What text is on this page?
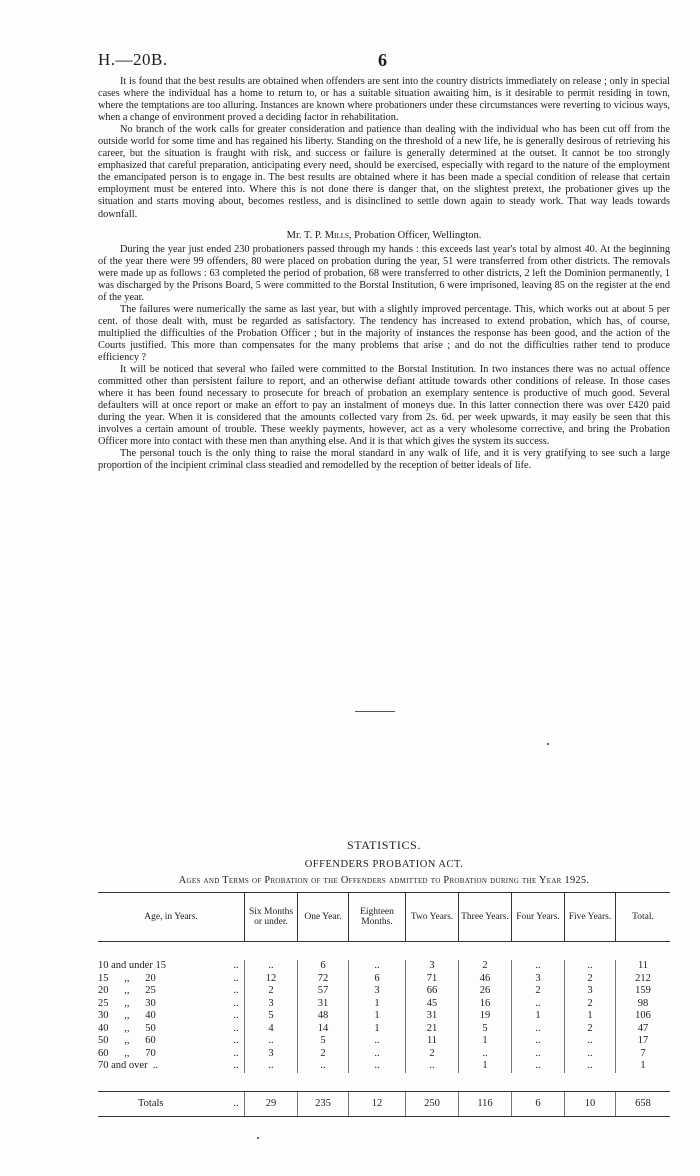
H.—20B.	6

It is found that the best results are obtained when offenders are sent into the country districts immediately on release ; only in special cases where the individual has a home to return to, or has a suitable situation awaiting him, is it desirable to permit residing in town, where the temptations are too alluring. Instances are known where probationers under these circumstances were reverting to vicious ways, when a change of environment proved a deciding factor in rehabilitation.

No branch of the work calls for greater consideration and patience than dealing with the individual who has been cut off from the outside world for some time and has regained his liberty. Standing on the threshold of a new life, he is generally desirous of retrieving his career, but the situation is fraught with risk, and success or failure is generally determined at the outset. It cannot be too strongly emphasized that careful preparation, anticipating every need, should be exercised, especially with regard to the nature of the employment the emancipated person is to engage in. The best results are obtained where it has been made a special condition of release that certain employment must be entered into. Where this is not done there is danger that, on the slightest pretext, the probationer gives up the situation and starts moving about, becomes restless, and is disinclined to settle down again to steady work. That way leads towards downfall.

Mr. T. P. Mills, Probation Officer, Wellington.

During the year just ended 230 probationers passed through my hands : this exceeds last year's total by almost 40. At the beginning of the year there were 99 offenders, 80 were placed on probation during the year, 51 were transferred from other districts. The removals were made up as follows : 63 completed the period of probation, 68 were transferred to other districts, 2 left the Dominion permanently, 1 was discharged by the Prisons Board, 5 were committed to the Borstal Institution, 6 were imprisoned, leaving 85 on the register at the end of the year.

The failures were numerically the same as last year, but with a slightly improved percentage. This, which works out at about 5 per cent. of those dealt with, must be regarded as satisfactory. The tendency has increased to extend probation, which has, of course, multiplied the difficulties of the Probation Officer ; but in the majority of instances the response has been good, and the action of the Courts justified. This more than compensates for the many problems that arise ; and do not the difficulties rather tend to produce efficiency ?

It will be noticed that several who failed were committed to the Borstal Institution. In two instances there was no actual offence committed other than persistent failure to report, and an otherwise defiant attitude towards other conditions of release. In those cases where it has been found necessary to prosecute for breach of probation an exemplary sentence is productive of much good. Several defaulters will at once report or make an effort to pay an instalment of moneys due. In this latter connection there was over £420 paid during the year. When it is considered that the amounts collected vary from 2s. 6d. per week upwards, it may easily be seen that this involves a certain amount of trouble. These weekly payments, however, act as a very wholesome corrective, and bring the Probation Officer more into contact with these men than anything else. And it is that which gives the system its success.

The personal touch is the only thing to raise the moral standard in any walk of life, and it is very gratifying to see such a large proportion of the incipient criminal class steadied and remodelled by the reception of better ideals of life.

STATISTICS.

OFFENDERS PROBATION ACT.

Ages and Terms of Probation of the Offenders admitted to Probation during the Year 1925.

Age, in Years.		Six Months or under.	One Year.	Eighteen Months.	Two Years.	Three Years.	Four Years.	Five Years.	Total.

10 and under 15	..	..	6	..	3	2	..	..	11
15      ,,      20	..	12	72	6	71	46	3	2	212
20      ,,      25	..	2	57	3	66	26	2	3	159
25      ,,      30	..	3	31	1	45	16	..	2	98
30      ,,      40	..	5	48	1	31	19	1	1	106
40      ,,      50	..	4	14	1	21	5	..	2	47
50      ,,      60	..	..	5	..	11	1	..	..	17
60      ,,      70	..	3	2	..	2	..	..	..	7
70 and over  ..	..	..	..	..	..	1	..	..	1

Totals	..	29	235	12	250	116	6	10	658
